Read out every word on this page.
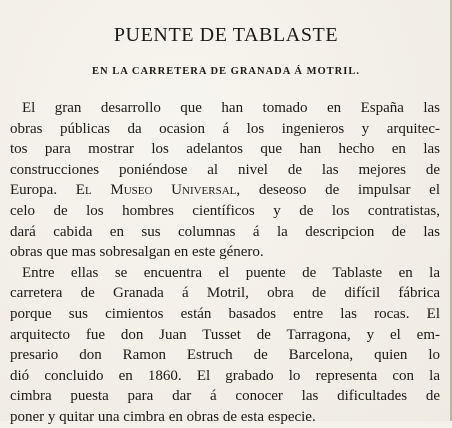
PUENTE DE TABLASTE
EN LA CARRETERA DE GRANADA Á MOTRIL.
El gran desarrollo que han tomado en España las
obras públicas da ocasion á los ingenieros y arquitec-
tos para mostrar los adelantos que han hecho en las
construcciones poniéndose al nivel de las mejores de
Europa. El Museo Universal, deseoso de impulsar el
celo de los hombres científicos y de los contratistas,
dará cabida en sus columnas á la descripcion de las
obras que mas sobresalgan en este género.
Entre ellas se encuentra el puente de Tablaste en la
carretera de Granada á Motril, obra de difícil fábrica
porque sus cimientos están basados entre las rocas. El
arquitecto fue don Juan Tusset de Tarragona, y el em-
presario don Ramon Estruch de Barcelona, quien lo
dió concluido en 1860. El grabado lo representa con la
cimbra puesta para dar á conocer las dificultades de
poner y quitar una cimbra en obras de esta especie.
